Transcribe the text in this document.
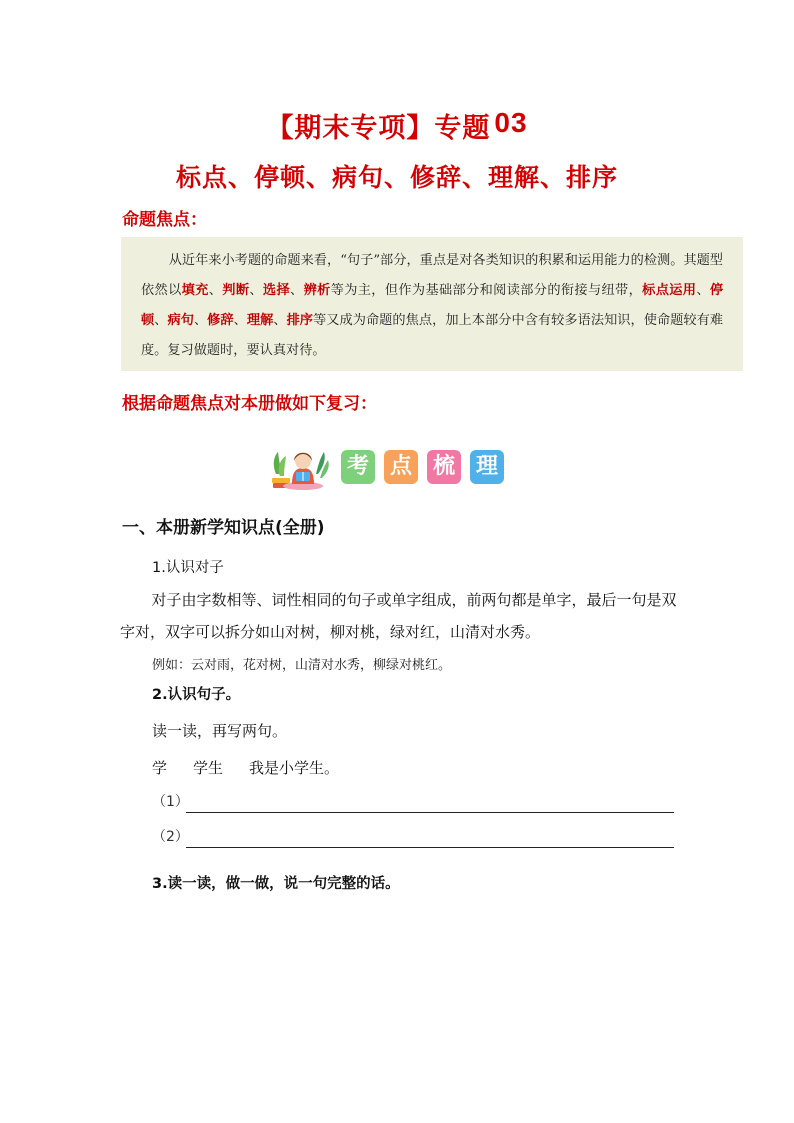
【期末专项】专题 03
标点、停顿、病句、修辞、理解、排序
命题焦点：

从近年来小考题的命题来看，“句子”部分，重点是对各类知识的积累和运用能力的检测。其题型依然以填充、判断、选择、辨析等为主，但作为基础部分和阅读部分的衔接与纽带，标点运用、停顿、病句、修辞、理解、排序等又成为命题的焦点，加上本部分中含有较多语法知识，使命题较有难度。复习做题时，要认真对待。

根据命题焦点对本册做如下复习：
考 点 梳 理
一、本册新学知识点(全册)
1.认识对子

对子由字数相等、词性相同的句子或单字组成，前两句都是单字，最后一句是双字对，双字可以拆分如山对树，柳对桃，绿对红，山清对水秀。

例如：云对雨，花对树，山清对水秀，柳绿对桃红。
2.认识句子。
读一读，再写两句。
学 学生 我是小学生。
（1）
（2）
3.读一读，做一做，说一句完整的话。
